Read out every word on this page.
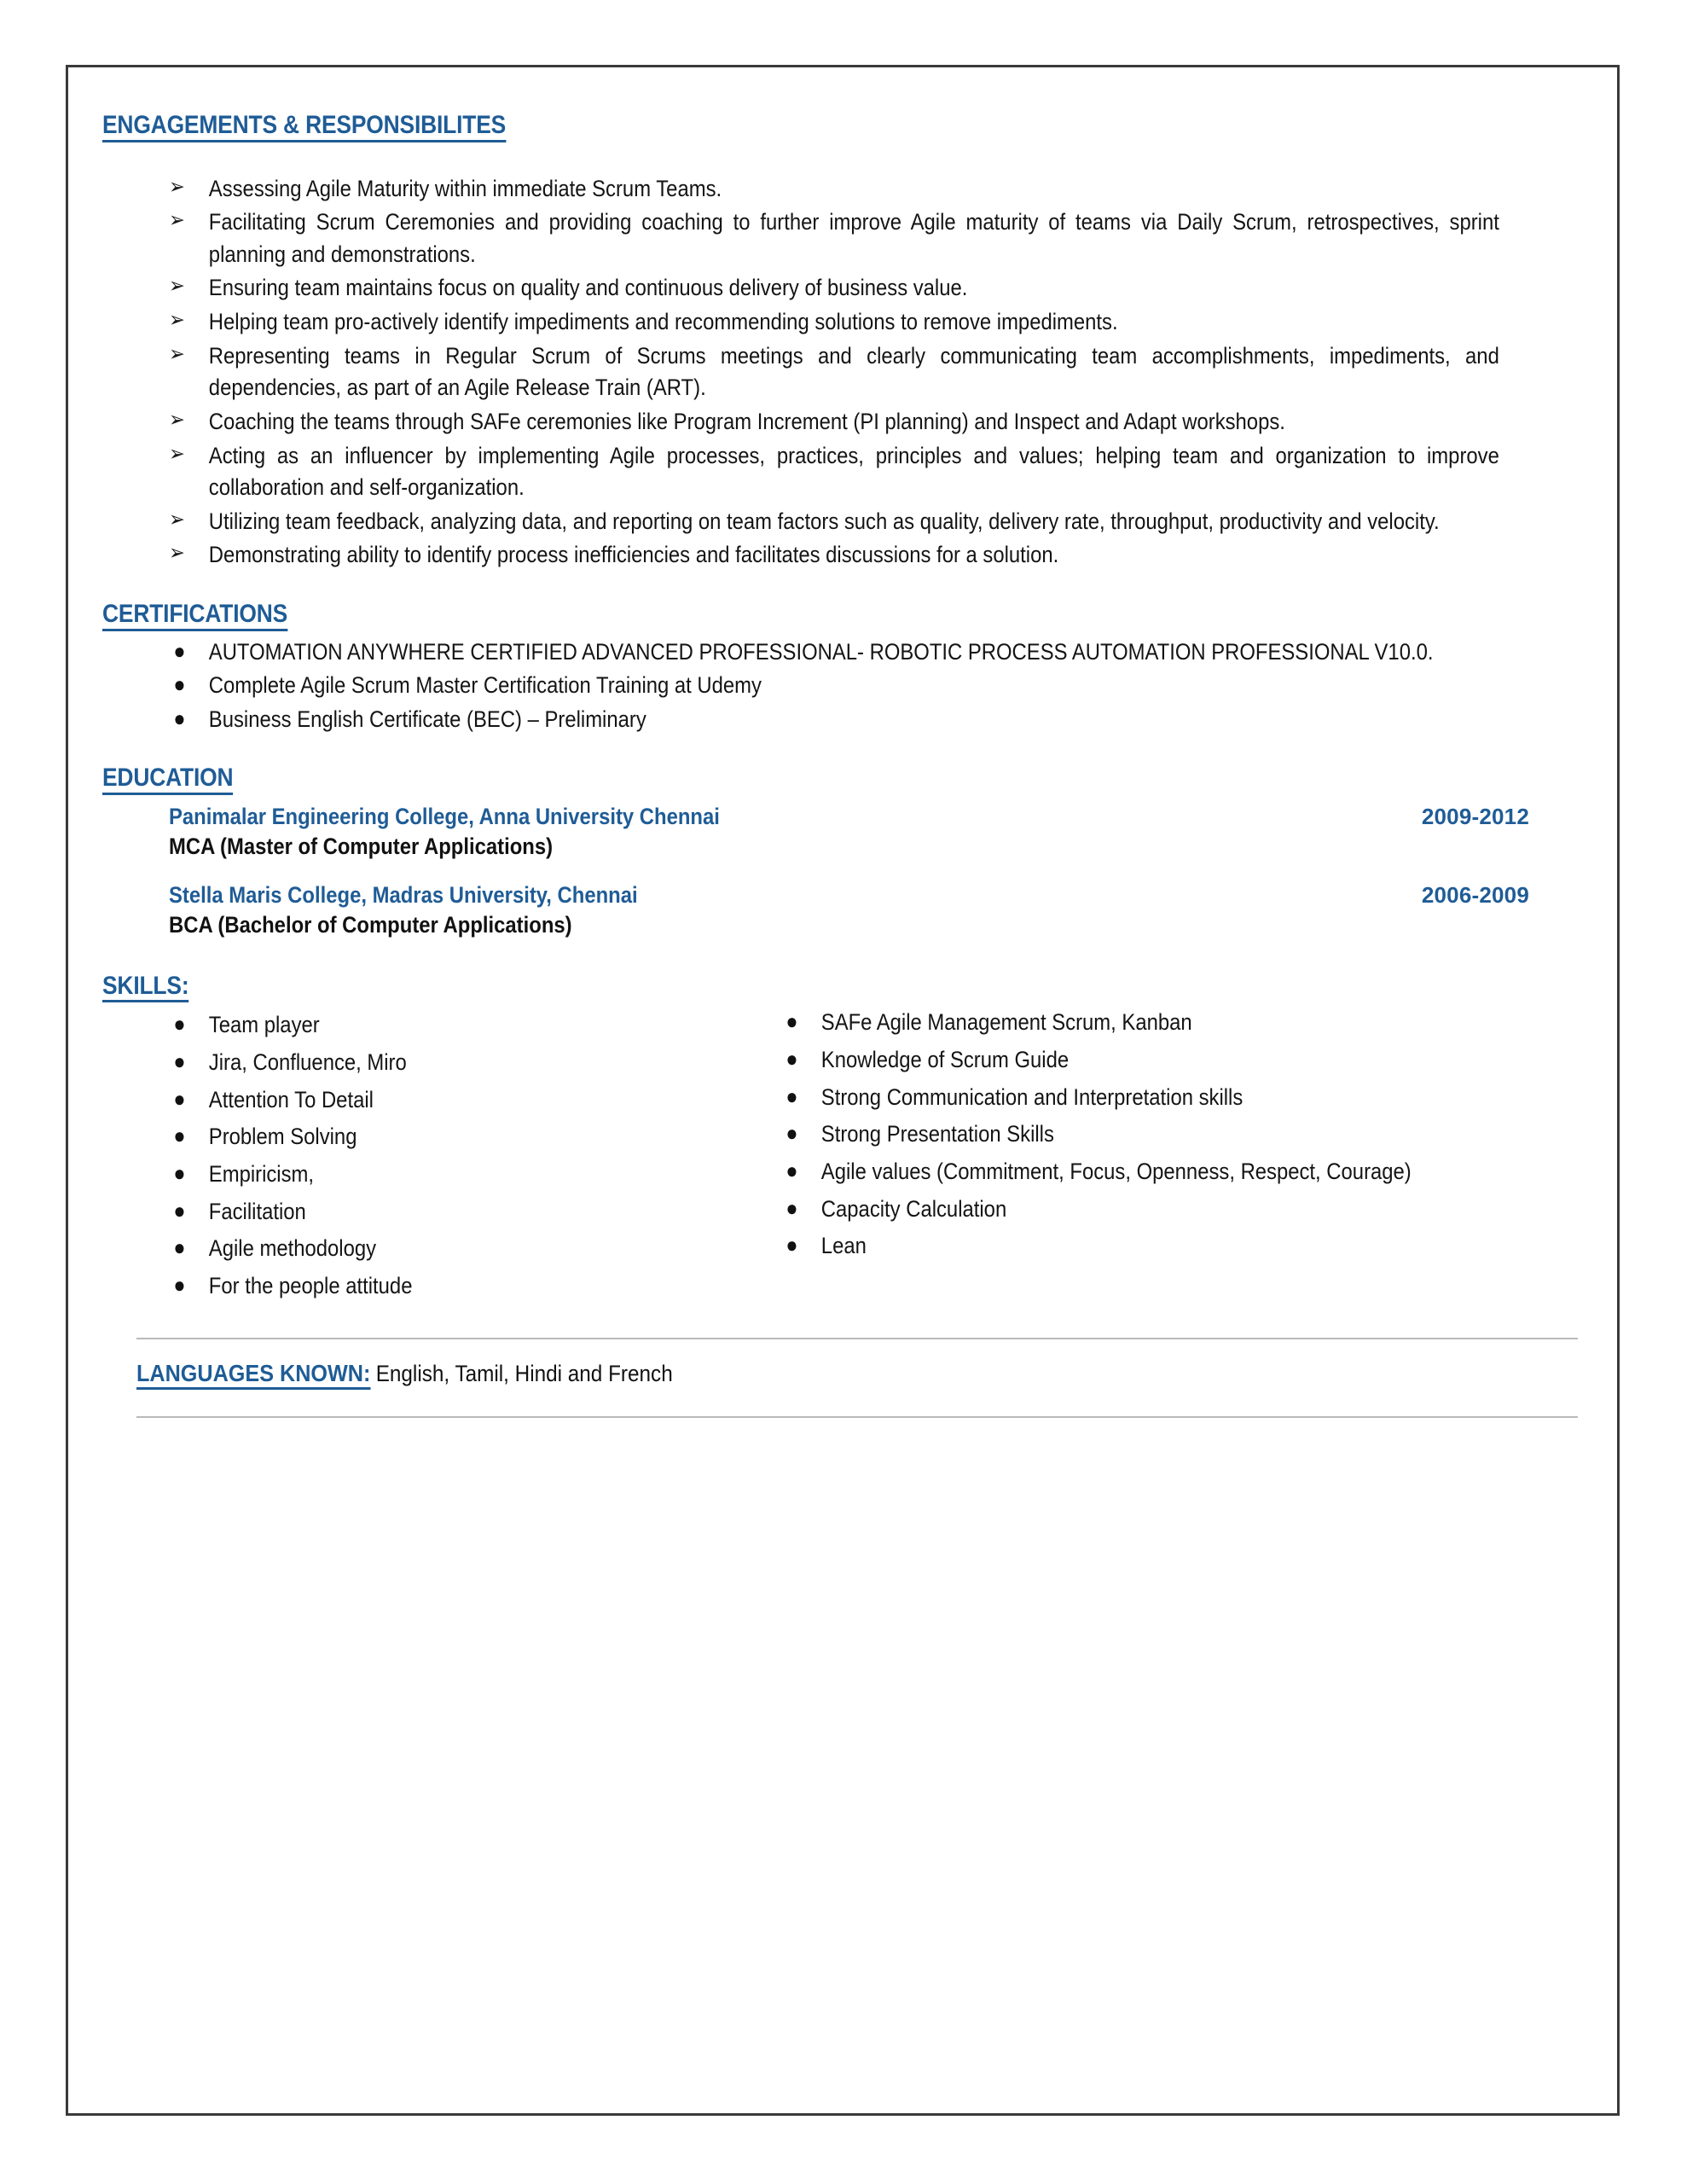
ENGAGEMENTS & RESPONSIBILITES
➢ Assessing Agile Maturity within immediate Scrum Teams.
➢ Facilitating Scrum Ceremonies and providing coaching to further improve Agile maturity of teams via Daily Scrum, retrospectives, sprint planning and demonstrations.
➢ Ensuring team maintains focus on quality and continuous delivery of business value.
➢ Helping team pro-actively identify impediments and recommending solutions to remove impediments.
➢ Representing teams in Regular Scrum of Scrums meetings and clearly communicating team accomplishments, impediments, and dependencies, as part of an Agile Release Train (ART).
➢ Coaching the teams through SAFe ceremonies like Program Increment (PI planning) and Inspect and Adapt workshops.
➢ Acting as an influencer by implementing Agile processes, practices, principles and values; helping team and organization to improve collaboration and self-organization.
➢ Utilizing team feedback, analyzing data, and reporting on team factors such as quality, delivery rate, throughput, productivity and velocity.
➢ Demonstrating ability to identify process inefficiencies and facilitates discussions for a solution.
CERTIFICATIONS
● AUTOMATION ANYWHERE CERTIFIED ADVANCED PROFESSIONAL- ROBOTIC PROCESS AUTOMATION PROFESSIONAL V10.0.
● Complete Agile Scrum Master Certification Training at Udemy
● Business English Certificate (BEC) – Preliminary
EDUCATION
Panimalar Engineering College, Anna University Chennai	2009-2012
MCA (Master of Computer Applications)
Stella Maris College, Madras University, Chennai	2006-2009
BCA (Bachelor of Computer Applications)
SKILLS:
● Team player
● Jira, Confluence, Miro
● Attention To Detail
● Problem Solving
● Empiricism,
● Facilitation
● Agile methodology
● For the people attitude
● SAFe Agile Management Scrum, Kanban
● Knowledge of Scrum Guide
● Strong Communication and Interpretation skills
● Strong Presentation Skills
● Agile values (Commitment, Focus, Openness, Respect, Courage)
● Capacity Calculation
● Lean
LANGUAGES KNOWN: English, Tamil, Hindi and French
